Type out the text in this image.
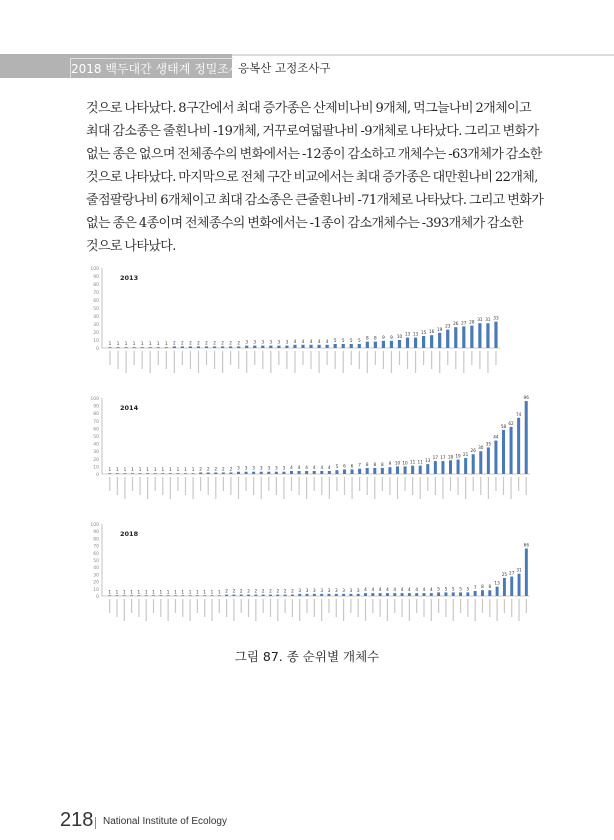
2018 백두대간 생태계 정밀조사
응복산 고정조사구

것으로 나타났다. 8구간에서 최대 증가종은 산제비나비 9개체, 먹그늘나비 2개체이고

최대 감소종은 줄흰나비 -19개체, 거꾸로여덟팔나비 -9개체로 나타났다. 그리고 변화가

없는 종은 없으며 전체종수의 변화에서는 -12종이 감소하고 개체수는 -63개체가 감소한

것으로 나타났다. 마지막으로 전체 구간 비교에서는 최대 증가종은 대만흰나비 22개체,

줄점팔랑나비 6개체이고 최대 감소종은 큰줄흰나비 -71개체로 나타났다. 그리고 변화가

없는 종은 4종이며 전체종수의 변화에서는 -1종이 감소개체수는 -393개체가 감소한

것으로 나타났다.

0
10
20
30
40
50
60
70
80
90
100
2013
1 1 1 1 1 1 1 1 2 2 2 2 2 2 2 2 2 3 3 3 3 3 3 4 4 4 4 4 5 5 5 5 8 8 9 9 10 13 13 15 16 19
23 26 27 28 31 31 33
0
10
20
30
40
50
60
70
80
90
100
2014
1 1 1 1 1 1 1 1 1 1 1 1 2 2 2 2 2 3 3 3 3 3 3 3 4 4 4 4 4 4 5 6 6 7 8 8 8 9 10 10 11 11 13
17 17 18 19 21
26
30
35
44
58
62
74
96
0
10
20
30
40
50
60
70
80
90
100
2018
1 1 1 1 1 1 1 1 1 1 1 1 1 1 1 1 2 2 2 2 2 2 2 2 2 2 3 3 3 3 3 3 3 3 3 4 4 4 4 4 4 4 4 4 4 5 5 5 5 5 7 8 8
13
25 27
31
66
그림 87. 종 순위별 개체수
218 National Institute of Ecology
